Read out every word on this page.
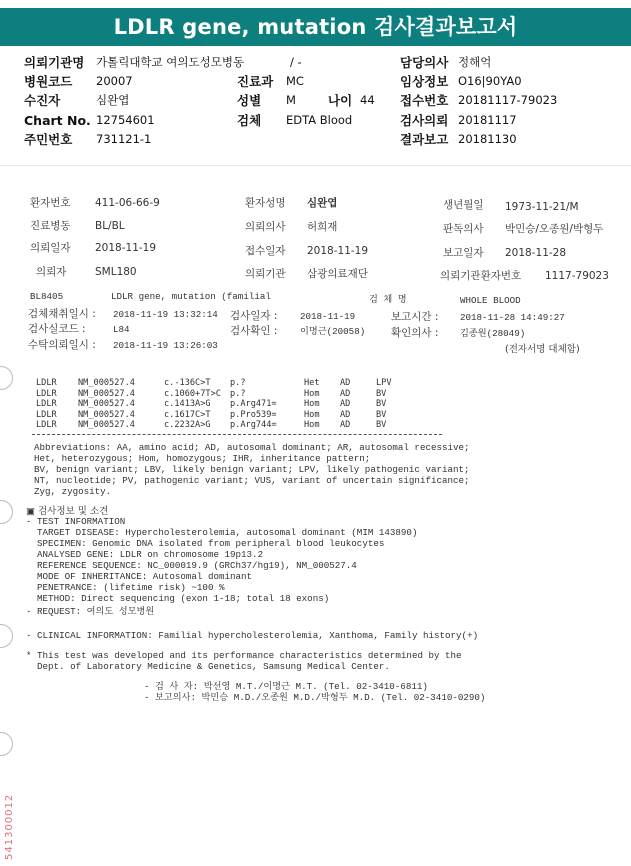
LDLR gene, mutation 검사결과보고서
의뢰기관명 가톨릭대학교 여의도성모병동	/ -	담당의사 정해억
병원코드 20007	진료과 MC	임상정보 O16|90YA0
수진자	심완엽	성별 M	나이 44 접수번호 20181117-79023
Chart No. 12754601	검체 EDTA Blood	검사의뢰 20181117
주민번호 731121-1	결과보고 20181130
환자번호 411-06-66-9	환자성명 심완엽	생년월일 1973-11-21/M
진료병동 BL/BL	의뢰의사 허희재	판독의사 박민승/오종원/박형두
의뢰일자 2018-11-19	접수일자 2018-11-19	보고일자 2018-11-28
의뢰자	SML180	의뢰기관 삼광의료재단	의뢰기관환자번호 1117-79023
BL8405	LDLR gene, mutation (familial	검 체 명	WHOLE BLOOD
검체채취일시 : 2018-11-19 13:32:14 검사일자 : 2018-11-19	보고시간 : 2018-11-28 14:49:27
검사실코드 :	L84	검사확인 : 이명근(20058) 확인의사 : 김종원(28049)
수탁의뢰일시 : 2018-11-19 13:26:03	(전자서명 대체함)
LDLR NM_000527.4	c.-136C>T p.?	Het AD	LPV
LDLR NM_000527.4	c.1060+7T>C p.?	Hom AD	BV
LDLR NM_000527.4	c.1413A>G p.Arg471=	Hom AD	BV
LDLR NM_000527.4	c.1617C>T p.Pro539=	Hom AD	BV
LDLR NM_000527.4	c.2232A>G p.Arg744=	Hom AD	BV
Abbreviations: AA, amino acid; AD, autosomal dominant; AR, autosomal recessive;
Het, heterozygous; Hom, homozygous; IHR, inheritance pattern;
BV, benign variant; LBV, likely benign variant; LPV, likely pathogenic variant;
NT, nucleotide; PV, pathogenic variant; VUS, variant of uncertain significance;
Zyg, zygosity.
▣ 검사정보 및 소견
- TEST INFORMATION
TARGET DISEASE: Hypercholesterolemia, autosomal dominant (MIM 143890)
SPECIMEN: Genomic DNA isolated from peripheral blood leukocytes
ANALYSED GENE: LDLR on chromosome 19p13.2
REFERENCE SEQUENCE: NC_000019.9 (GRCh37/hg19), NM_000527.4
MODE OF INHERITANCE: Autosomal dominant
PENETRANCE: (lifetime risk) ~100 %
METHOD: Direct sequencing (exon 1-18; total 18 exons)
- REQUEST: 여의도 성모병원
- CLINICAL INFORMATION: Familial hypercholesterolemia, Xanthoma, Family history(+)
* This test was developed and its performance characteristics determined by the
Dept. of Laboratory Medicine & Genetics, Samsung Medical Center.
- 검 사 자: 박선영 M.T./이명근 M.T. (Tel. 02-3410-6811)
- 보고의사: 박민승 M.D./오종원 M.D./박형두 M.D. (Tel. 02-3410-0290)
541300012
